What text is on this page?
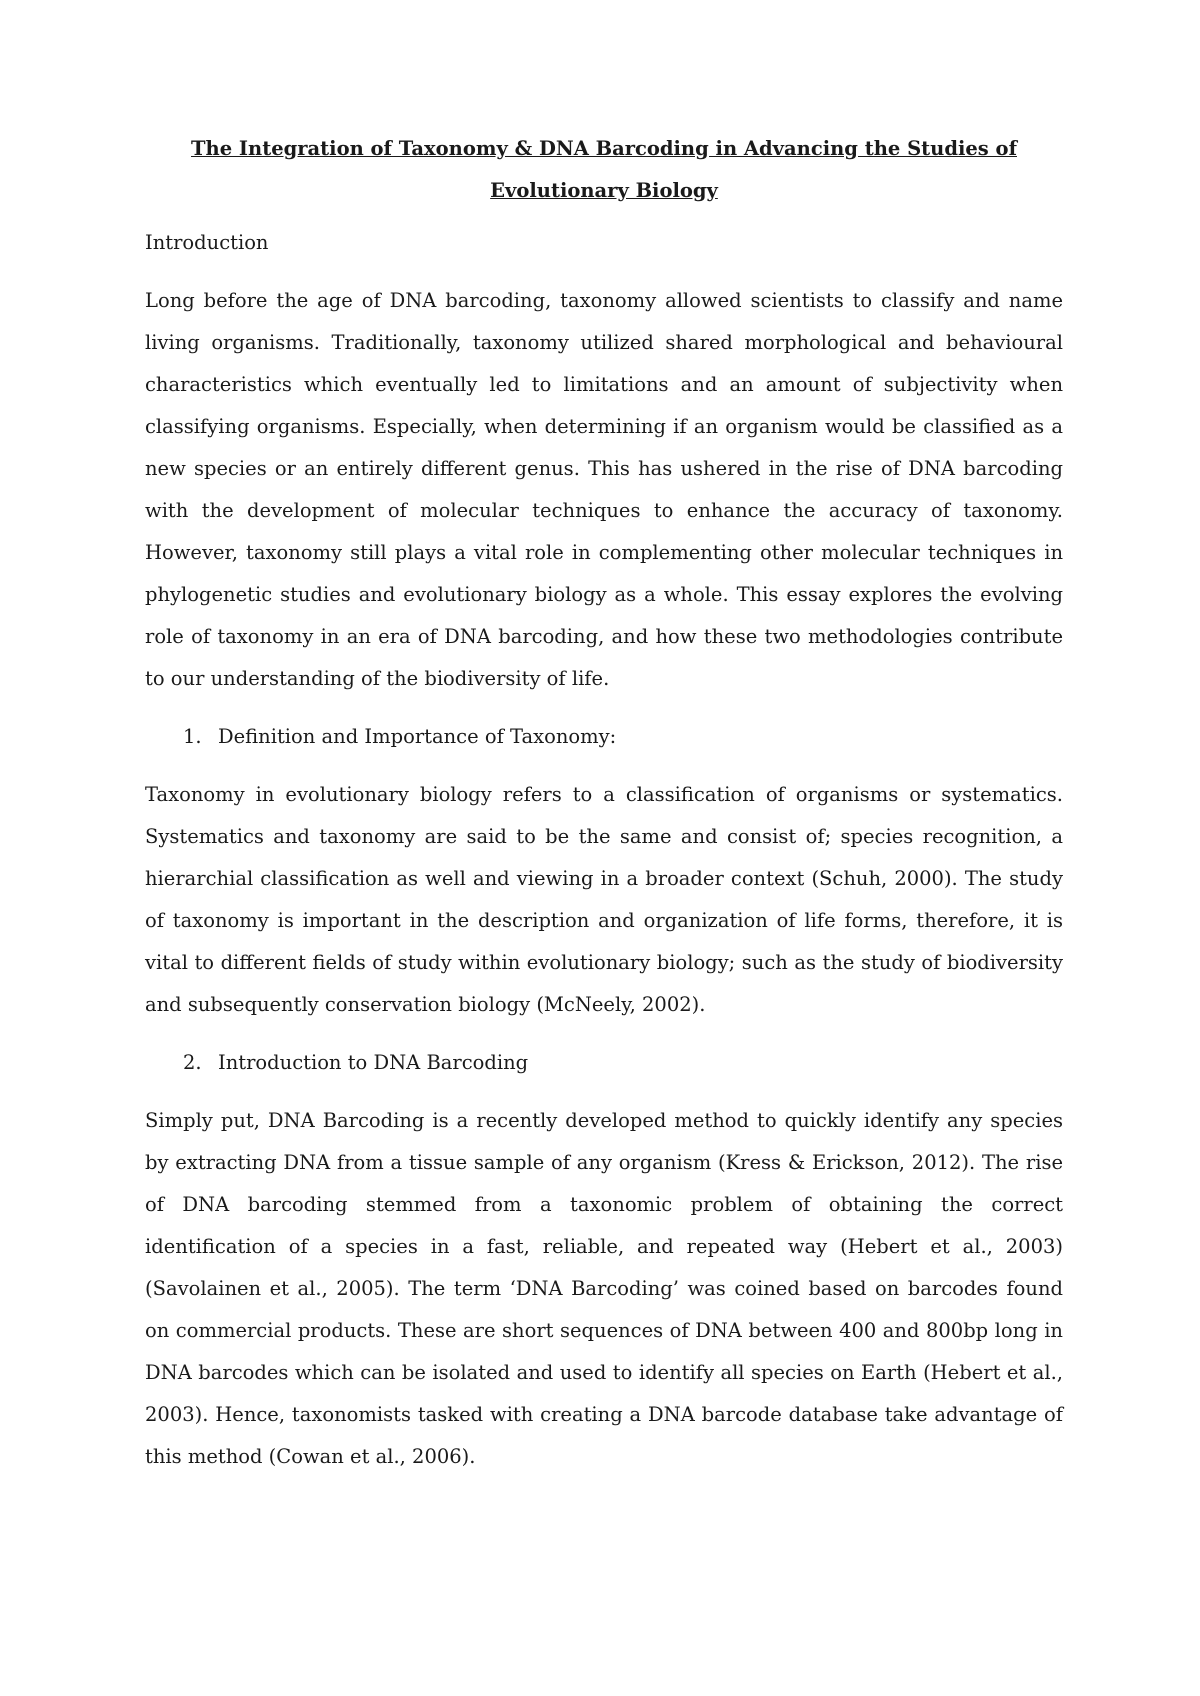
The Integration of Taxonomy & DNA Barcoding in Advancing the Studies of Evolutionary Biology
Introduction

Long before the age of DNA barcoding, taxonomy allowed scientists to classify and name living organisms. Traditionally, taxonomy utilized shared morphological and behavioural characteristics which eventually led to limitations and an amount of subjectivity when classifying organisms. Especially, when determining if an organism would be classified as a new species or an entirely different genus. This has ushered in the rise of DNA barcoding with the development of molecular techniques to enhance the accuracy of taxonomy. However, taxonomy still plays a vital role in complementing other molecular techniques in phylogenetic studies and evolutionary biology as a whole. This essay explores the evolving role of taxonomy in an era of DNA barcoding, and how these two methodologies contribute to our understanding of the biodiversity of life.

1. Definition and Importance of Taxonomy:

Taxonomy in evolutionary biology refers to a classification of organisms or systematics. Systematics and taxonomy are said to be the same and consist of; species recognition, a hierarchial classification as well and viewing in a broader context (Schuh, 2000). The study of taxonomy is important in the description and organization of life forms, therefore, it is vital to different fields of study within evolutionary biology; such as the study of biodiversity and subsequently conservation biology (McNeely, 2002).

2. Introduction to DNA Barcoding

Simply put, DNA Barcoding is a recently developed method to quickly identify any species by extracting DNA from a tissue sample of any organism (Kress & Erickson, 2012). The rise of DNA barcoding stemmed from a taxonomic problem of obtaining the correct identification of a species in a fast, reliable, and repeated way (Hebert et al., 2003) (Savolainen et al., 2005). The term ‘DNA Barcoding’ was coined based on barcodes found on commercial products. These are short sequences of DNA between 400 and 800bp long in DNA barcodes which can be isolated and used to identify all species on Earth (Hebert et al., 2003). Hence, taxonomists tasked with creating a DNA barcode database take advantage of this method (Cowan et al., 2006).
